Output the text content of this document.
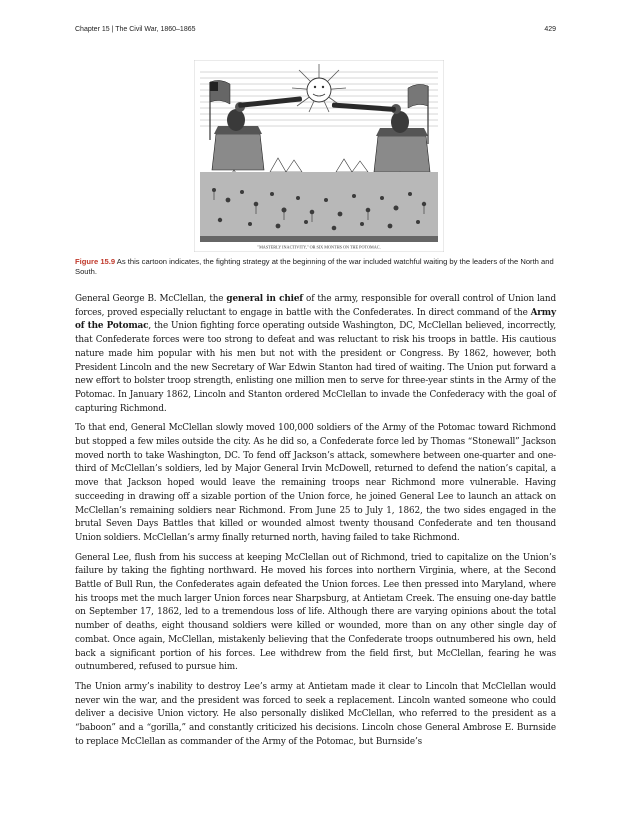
Chapter 15 | The Civil War, 1860–1865	429
"MASTERLY INACTIVITY," OR SIX MONTHS ON THE POTOMAC.
Figure 15.9 As this cartoon indicates, the fighting strategy at the beginning of the war included watchful waiting by the leaders of the North and South.

General George B. McClellan, the general in chief of the army, responsible for overall control of Union land forces, proved especially reluctant to engage in battle with the Confederates. In direct command of the Army of the Potomac, the Union fighting force operating outside Washington, DC, McClellan believed, incorrectly, that Confederate forces were too strong to defeat and was reluctant to risk his troops in battle. His cautious nature made him popular with his men but not with the president or Congress. By 1862, however, both President Lincoln and the new Secretary of War Edwin Stanton had tired of waiting. The Union put forward a new effort to bolster troop strength, enlisting one million men to serve for three-year stints in the Army of the Potomac. In January 1862, Lincoln and Stanton ordered McClellan to invade the Confederacy with the goal of capturing Richmond.

To that end, General McClellan slowly moved 100,000 soldiers of the Army of the Potomac toward Richmond but stopped a few miles outside the city. As he did so, a Confederate force led by Thomas “Stonewall” Jackson moved north to take Washington, DC. To fend off Jackson’s attack, somewhere between one-quarter and one-third of McClellan’s soldiers, led by Major General Irvin McDowell, returned to defend the nation’s capital, a move that Jackson hoped would leave the remaining troops near Richmond more vulnerable. Having succeeding in drawing off a sizable portion of the Union force, he joined General Lee to launch an attack on McClellan’s remaining soldiers near Richmond. From June 25 to July 1, 1862, the two sides engaged in the brutal Seven Days Battles that killed or wounded almost twenty thousand Confederate and ten thousand Union soldiers. McClellan’s army finally returned north, having failed to take Richmond.

General Lee, flush from his success at keeping McClellan out of Richmond, tried to capitalize on the Union’s failure by taking the fighting northward. He moved his forces into northern Virginia, where, at the Second Battle of Bull Run, the Confederates again defeated the Union forces. Lee then pressed into Maryland, where his troops met the much larger Union forces near Sharpsburg, at Antietam Creek. The ensuing one-day battle on September 17, 1862, led to a tremendous loss of life. Although there are varying opinions about the total number of deaths, eight thousand soldiers were killed or wounded, more than on any other single day of combat. Once again, McClellan, mistakenly believing that the Confederate troops outnumbered his own, held back a significant portion of his forces. Lee withdrew from the field first, but McClellan, fearing he was outnumbered, refused to pursue him.

The Union army’s inability to destroy Lee’s army at Antietam made it clear to Lincoln that McClellan would never win the war, and the president was forced to seek a replacement. Lincoln wanted someone who could deliver a decisive Union victory. He also personally disliked McClellan, who referred to the president as a “baboon” and a “gorilla,” and constantly criticized his decisions. Lincoln chose General Ambrose E. Burnside to replace McClellan as commander of the Army of the Potomac, but Burnside’s
